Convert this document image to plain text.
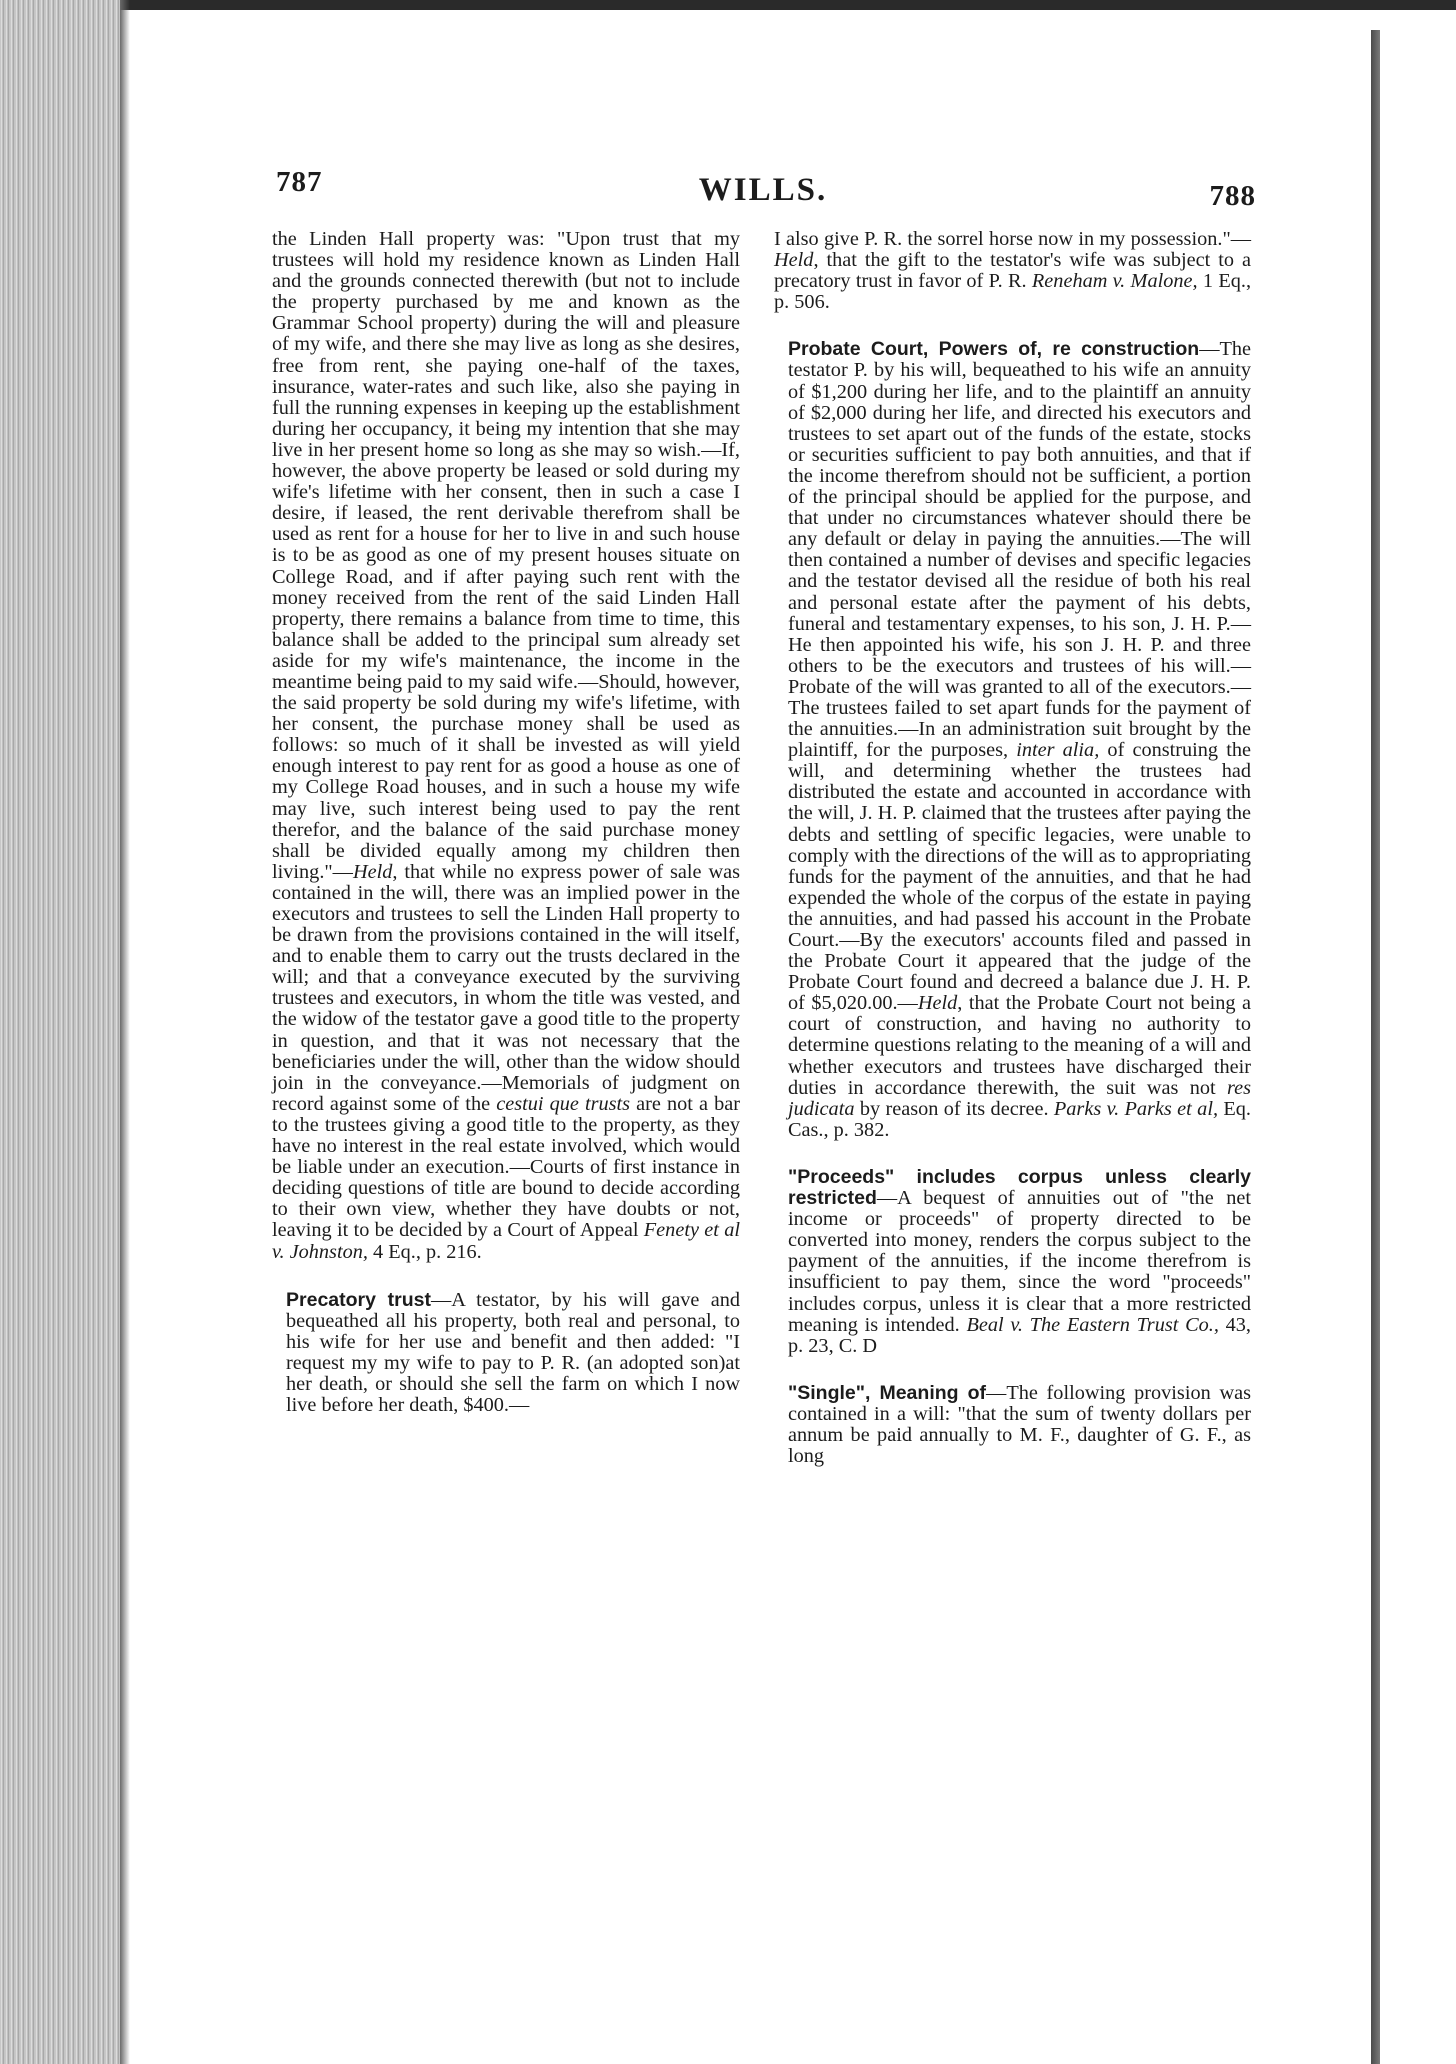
787	WILLS.	788

the Linden Hall property was: "Upon trust that my trustees will hold my residence known as Linden Hall and the grounds connected therewith (but not to include the property purchased by me and known as the Grammar School property) during the will and pleasure of my wife, and there she may live as long as she desires, free from rent, she paying one-half of the taxes, insurance, water-rates and such like, also she paying in full the running expenses in keeping up the establishment during her occupancy, it being my intention that she may live in her present home so long as she may so wish.—If, however, the above property be leased or sold during my wife's lifetime with her consent, then in such a case I desire, if leased, the rent derivable therefrom shall be used as rent for a house for her to live in and such house is to be as good as one of my present houses situate on College Road, and if after paying such rent with the money received from the rent of the said Linden Hall property, there remains a balance from time to time, this balance shall be added to the principal sum already set aside for my wife's maintenance, the income in the meantime being paid to my said wife.—Should, however, the said property be sold during my wife's lifetime, with her consent, the purchase money shall be used as follows: so much of it shall be invested as will yield enough interest to pay rent for as good a house as one of my College Road houses, and in such a house my wife may live, such interest being used to pay the rent therefor, and the balance of the said purchase money shall be divided equally among my children then living."—Held, that while no express power of sale was contained in the will, there was an implied power in the executors and trustees to sell the Linden Hall property to be drawn from the provisions contained in the will itself, and to enable them to carry out the trusts declared in the will; and that a conveyance executed by the surviving trustees and executors, in whom the title was vested, and the widow of the testator gave a good title to the property in question, and that it was not necessary that the beneficiaries under the will, other than the widow should join in the conveyance.—Memorials of judgment on record against some of the cestui que trusts are not a bar to the trustees giving a good title to the property, as they have no interest in the real estate involved, which would be liable under an execution.—Courts of first instance in deciding questions of title are bound to decide according to their own view, whether they have doubts or not, leaving it to be decided by a Court of Appeal Fenety et al v. Johnston, 4 Eq., p. 216.

Precatory trust—A testator, by his will gave and bequeathed all his property, both real and personal, to his wife for her use and benefit and then added: "I request my my wife to pay to P. R. (an adopted son)at her death, or should she sell the farm on which I now live before her death, $400.—

I also give P. R. the sorrel horse now in my possession."—Held, that the gift to the testator's wife was subject to a precatory trust in favor of P. R. Reneham v. Malone, 1 Eq., p. 506.

Probate Court, Powers of, re construction—The testator P. by his will, bequeathed to his wife an annuity of $1,200 during her life, and to the plaintiff an annuity of $2,000 during her life, and directed his executors and trustees to set apart out of the funds of the estate, stocks or securities sufficient to pay both annuities, and that if the income therefrom should not be sufficient, a portion of the principal should be applied for the purpose, and that under no circumstances whatever should there be any default or delay in paying the annuities.—The will then contained a number of devises and specific legacies and the testator devised all the residue of both his real and personal estate after the payment of his debts, funeral and testamentary expenses, to his son, J. H. P.—He then appointed his wife, his son J. H. P. and three others to be the executors and trustees of his will.—Probate of the will was granted to all of the executors.—The trustees failed to set apart funds for the payment of the annuities.—In an administration suit brought by the plaintiff, for the purposes, inter alia, of construing the will, and determining whether the trustees had distributed the estate and accounted in accordance with the will, J. H. P. claimed that the trustees after paying the debts and settling of specific legacies, were unable to comply with the directions of the will as to appropriating funds for the payment of the annuities, and that he had expended the whole of the corpus of the estate in paying the annuities, and had passed his account in the Probate Court.—By the executors' accounts filed and passed in the Probate Court it appeared that the judge of the Probate Court found and decreed a balance due J. H. P. of $5,020.00.—Held, that the Probate Court not being a court of construction, and having no authority to determine questions relating to the meaning of a will and whether executors and trustees have discharged their duties in accordance therewith, the suit was not res judicata by reason of its decree. Parks v. Parks et al, Eq. Cas., p. 382.

"Proceeds" includes corpus unless clearly restricted—A bequest of annuities out of "the net income or proceeds" of property directed to be converted into money, renders the corpus subject to the payment of the annuities, if the income therefrom is insufficient to pay them, since the word "proceeds" includes corpus, unless it is clear that a more restricted meaning is intended. Beal v. The Eastern Trust Co., 43, p. 23, C. D

"Single", Meaning of—The following provision was contained in a will: "that the sum of twenty dollars per annum be paid annually to M. F., daughter of G. F., as long
